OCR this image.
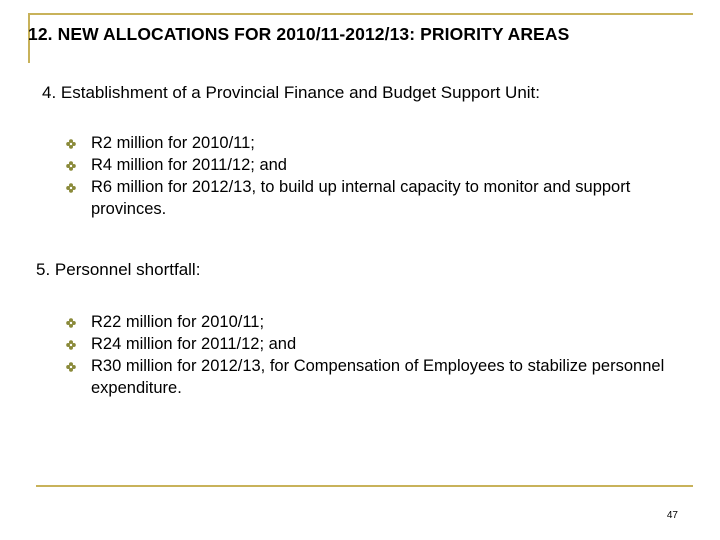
12. NEW ALLOCATIONS FOR 2010/11-2012/13: PRIORITY AREAS
4. Establishment of a Provincial Finance and Budget Support Unit:
R2 million for 2010/11;
R4 million for 2011/12; and
R6 million for 2012/13, to build up internal capacity to monitor and support provinces.
5. Personnel shortfall:
R22 million for 2010/11;
R24 million for 2011/12; and
R30 million for 2012/13, for Compensation of Employees to stabilize personnel expenditure.
47
